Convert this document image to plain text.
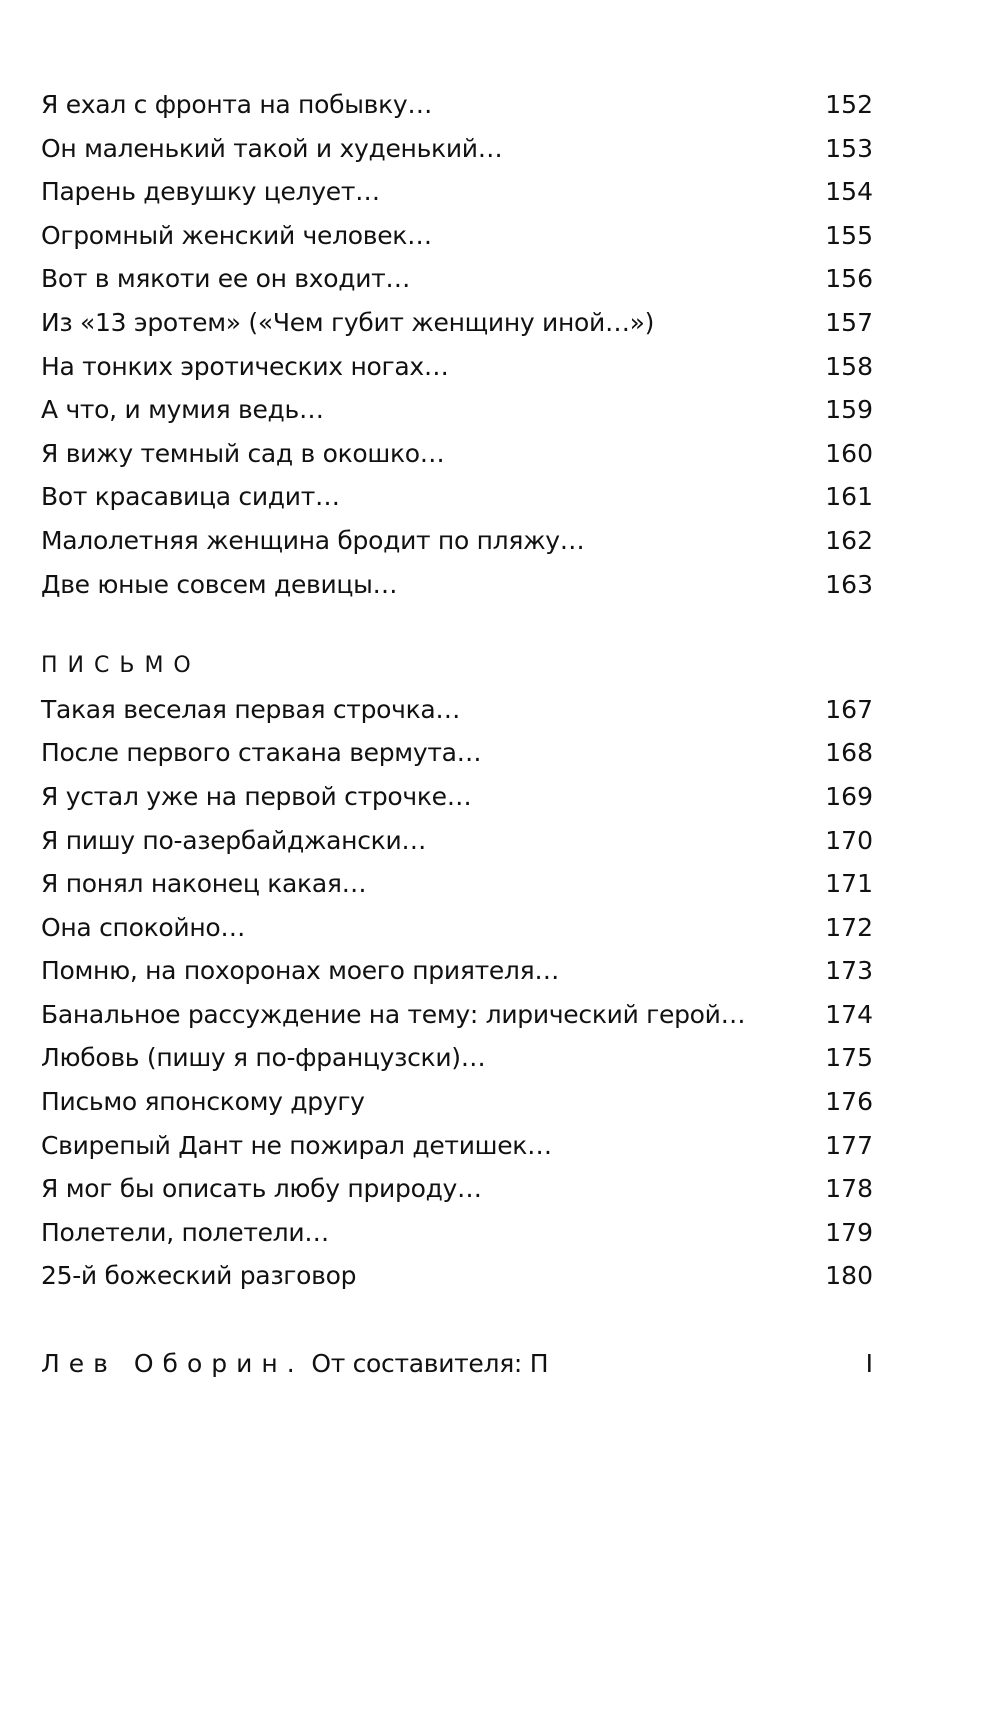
Я ехал с фронта на побывку…	152
Он маленький такой и худенький…	153
Парень девушку целует…	154
Огромный женский человек…	155
Вот в мякоти ее он входит…	156
Из «13 эротем» («Чем губит женщину иной…»)	157
На тонких эротических ногах…	158
А что, и мумия ведь…	159
Я вижу темный сад в окошко…	160
Вот красавица сидит…	161
Малолетняя женщина бродит по пляжу…	162
Две юные совсем девицы…	163
ПИСЬМО
Такая веселая первая строчка…	167
После первого стакана вермута…	168
Я устал уже на первой строчке…	169
Я пишу по-азербайджански…	170
Я понял наконец какая…	171
Она спокойно…	172
Помню, на похоронах моего приятеля…	173
Банальное рассуждение на тему: лирический герой…	174
Любовь (пишу я по-французски)…	175
Письмо японскому другу	176
Свирепый Дант не пожирал детишек…	177
Я мог бы описать любу природу…	178
Полетели, полетели…	179
25-й божеский разговор	180
Лев Оборин. От составителя: П	I
